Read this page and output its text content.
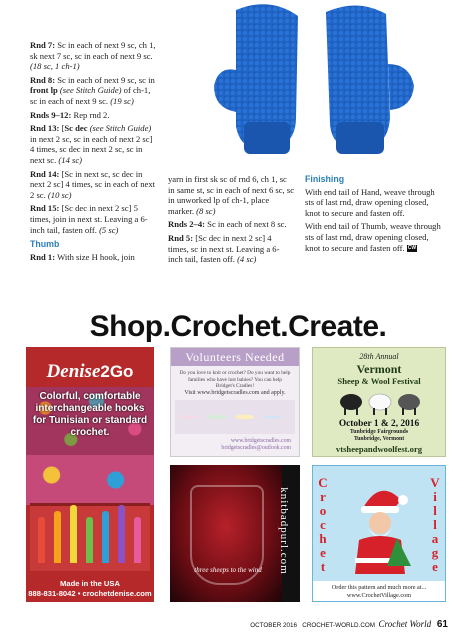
Rnd 7: Sc in each of next 9 sc, ch 1, sk next 7 sc, sc in each of next 9 sc. (18 sc, 1 ch-1)

Rnd 8: Sc in each of next 9 sc, sc in front lp (see Stitch Guide) of ch-1, sc in each of next 9 sc. (19 sc)

Rnds 9–12: Rep rnd 2.

Rnd 13: [Sc dec (see Stitch Guide) in next 2 sc, sc in each of next 2 sc] 4 times, sc dec in next 2 sc, sc in next sc. (14 sc)

Rnd 14: [Sc in next sc, sc dec in next 2 sc] 4 times, sc in each of next 2 sc. (10 sc)

Rnd 15: [Sc dec in next 2 sc] 5 times, join in next st. Leaving a 6-inch tail, fasten off. (5 sc)

Thumb

Rnd 1: With size H hook, join

yarn in first sk sc of rnd 6, ch 1, sc in same st, sc in each of next 6 sc, sc in unworked lp of ch-1, place marker. (8 sc)

Rnds 2–4: Sc in each of next 8 sc.

Rnd 5: [Sc dec in next 2 sc] 4 times, sc in next st. Leaving a 6-inch tail, fasten off. (4 sc)

Finishing

With end tail of Hand, weave through sts of last rnd, draw opening closed, knot to secure and fasten off.

With end tail of Thumb, weave through sts of last rnd, draw opening closed, knot to secure and fasten off. CW

Shop.Crochet.Create.
Denise2Go
Colorful, comfortable interchangeable hooks for Tunisian or standard crochet.
Made in the USA
888-831-8042 • crochetdenise.com
Volunteers Needed
Do you love to knit or crochet? Do you want to help families who have lost babies? You can help Bridget's Cradles!
Visit www.bridgetscradles.com and apply.
www.bridgetscradles.com
bridgetscradles@outlook.com
28th Annual
Vermont
Sheep & Wool Festival
October 1 & 2, 2016
Tunbridge Fairgrounds
Tunbridge, Vermont
vtsheepandwoolfest.org
three sheeps to the wind	knitbadpurl.com
C
r
o
c
h
e
t
V
i
l
l
a
g
e
Order this pattern and much more at...
www.CrochetVillage.com
OCTOBER 2016 CROCHET-WORLD.COM Crochet World 61
